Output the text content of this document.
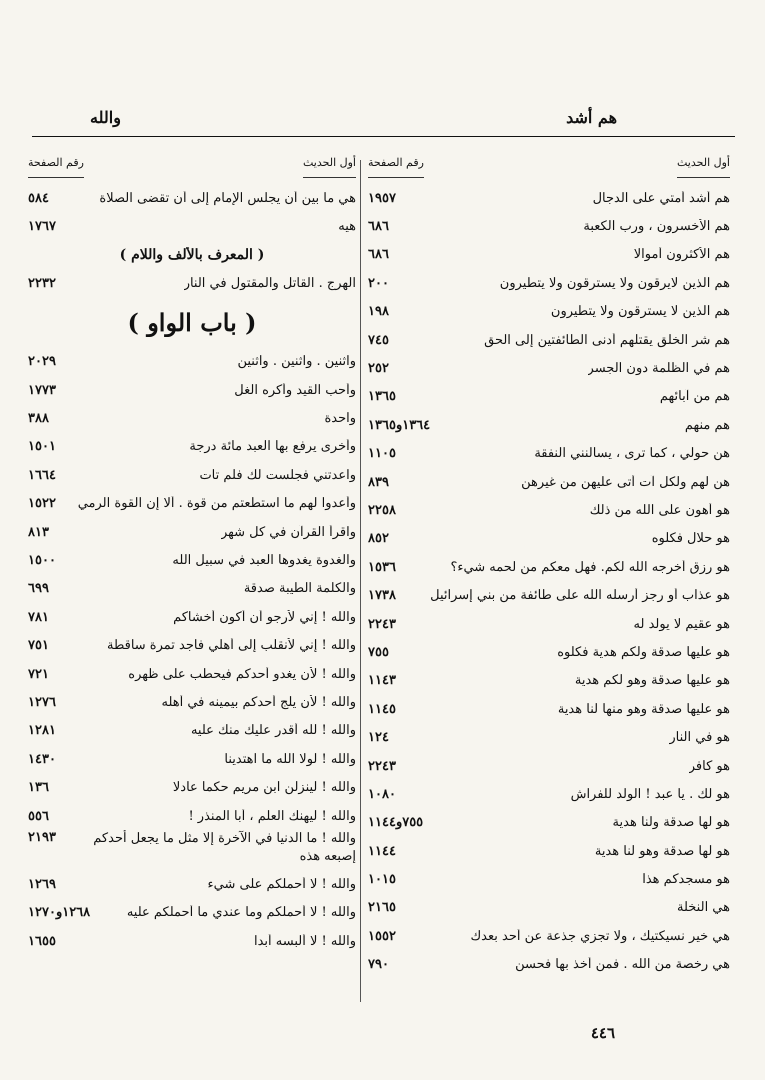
هم أشد
والله
أول الحديث
رقم الصفحة
هم أشد أمتي على الدجال
١٩٥٧
هم الأخسرون ، ورب الكعبة
٦٨٦
هم الأكثرون أموالا
٦٨٦
هم الذين لايرقون ولا يسترقون ولا يتطيرون
٢٠٠
هم الذين لا يسترقون ولا يتطيرون
١٩٨
هم شر الخلق يقتلهم أدنى الطائفتين إلى الحق
٧٤٥
هم في الظلمة دون الجسر
٢٥٢
هم من آبائهم
١٣٦٥
هم منهم
١٣٦٤و١٣٦٥
هن حولي ، كما ترى ، يسألنني النفقة
١١٠٥
هن لهم ولكل آت أتى عليهن من غيرهن
٨٣٩
هو أهون على الله من ذلك
٢٢٥٨
هو حلال فكلوه
٨٥٢
هو رزق أخرجه الله لكم. فهل معكم من لحمه شيء؟
١٥٣٦
هو عذاب أو رجز أرسله الله على طائفة من بني إسرائيل
١٧٣٨
هو عقيم لا يولد له
٢٢٤٣
هو عليها صدقة ولكم هدية فكلوه
٧٥٥
هو عليها صدقة وهو لكم هدية
١١٤٣
هو عليها صدقة وهو منها لنا هدية
١١٤٥
هو في النار
١٢٤
هو كافر
٢٢٤٣
هو لك . يا عبد ! الولد للفراش
١٠٨٠
هو لها صدقة ولنا هدية
٧٥٥و١١٤٤
هو لها صدقة وهو لنا هدية
١١٤٤
هو مسجدكم هذا
١٠١٥
هي النخلة
٢١٦٥
هي خير نسيكتيك ، ولا تجزي جذعة عن أحد بعدك
١٥٥٢
هي رخصة من الله . فمن أخذ بها فحسن
٧٩٠
أول الحديث
رقم الصفحة
هي ما بين أن يجلس الإمام إلى أن تقضى الصلاة
٥٨٤
هيه
١٧٦٧
( المعرف بالألف واللام )
الهرج . القاتل والمقتول في النار
٢٢٣٢
( باب الواو )
واثنين . واثنين . واثنين
٢٠٢٩
وأحب القيد وأكره الغل
١٧٧٣
واحدة
٣٨٨
وأخرى يرفع بها العبد مائة درجة
١٥٠١
واعدتني فجلست لك فلم تأت
١٦٦٤
وأعدوا لهم ما استطعتم من قوة . ألا إن القوة الرمي
١٥٢٢
واقرأ القرآن في كل شهر
٨١٣
والغدوة يغدوها العبد في سبيل الله
١٥٠٠
والكلمة الطيبة صدقة
٦٩٩
والله ! إني لأرجو أن أكون أخشاكم
٧٨١
والله ! إني لأنقلب إلى أهلي فأجد تمرة ساقطة
٧٥١
والله ! لأن يغدو أحدكم فيحطب على ظهره
٧٢١
والله ! لأن يلج أحدكم بيمينه في أهله
١٢٧٦
والله ! لله أقدر عليك منك عليه
١٢٨١
والله ! لولا الله ما اهتدينا
١٤٣٠
والله ! لينزلن ابن مريم حكما عادلا
١٣٦
والله ! ليهنك العلم ، أبا المنذر !
٥٥٦
والله ! ما الدنيا في الآخرة إلا مثل ما يجعل أحدكم إصبعه هذه
٢١٩٣
والله ! لا أحملكم على شيء
١٢٦٩
والله ! لا أحملكم وما عندي ما أحملكم عليه
١٢٦٨و١٢٧٠
والله ! لا ألبسه أبدا
١٦٥٥
٤٤٦
